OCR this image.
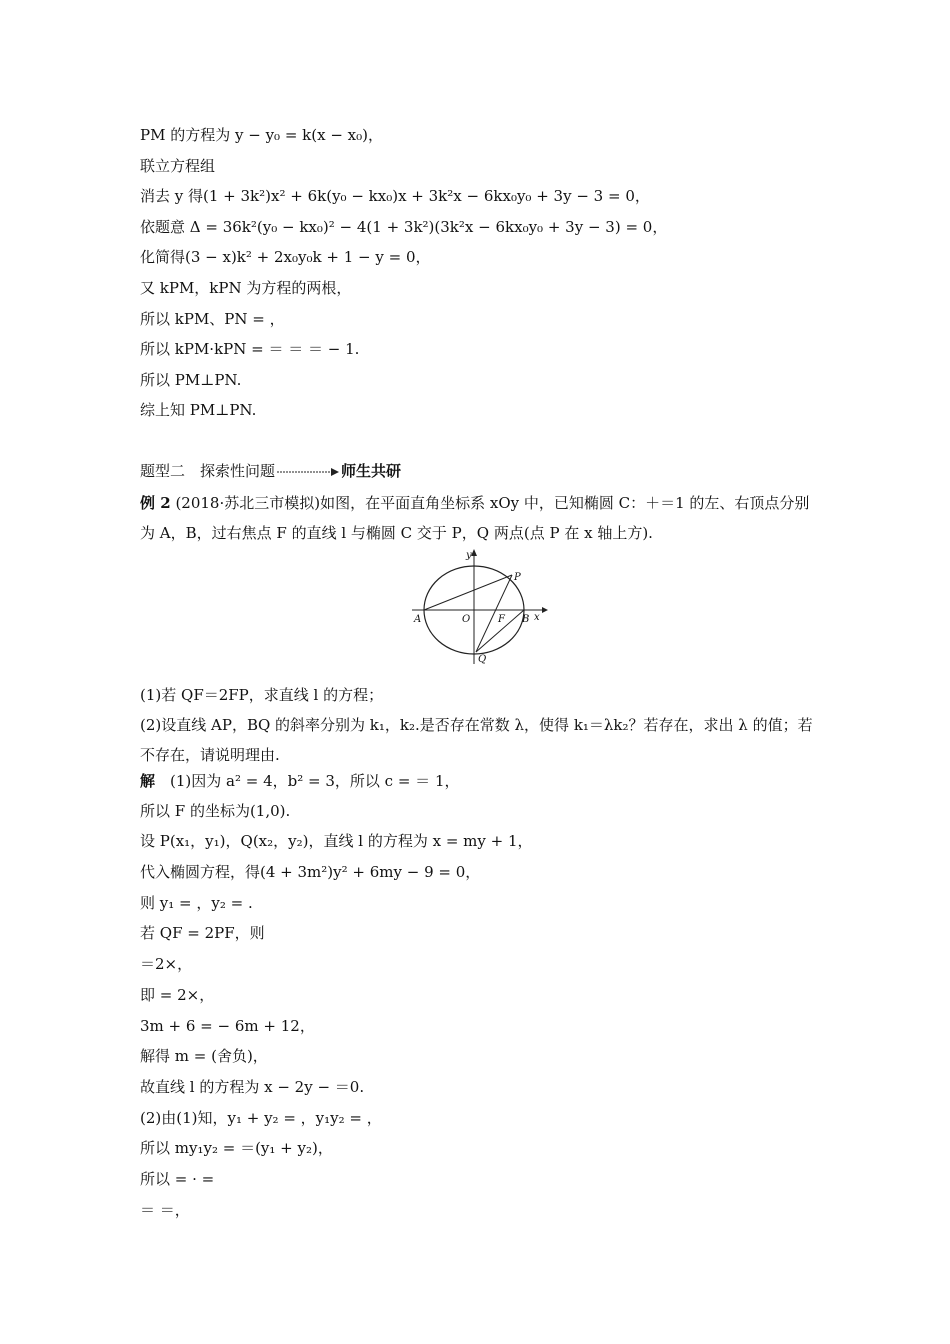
PM 的方程为 y − y₀ = k(x − x₀)，
联立方程组
消去 y 得(1 + 3k²)x² + 6k(y₀ − kx₀)x + 3k²x − 6kx₀y₀ + 3y − 3 = 0，
依题意 Δ = 36k²(y₀ − kx₀)² − 4(1 + 3k²)(3k²x − 6kx₀y₀ + 3y − 3) = 0，
化简得(3 − x)k² + 2x₀y₀k + 1 − y = 0，
又 kPM，kPN 为方程的两根，
所以 kPM、PN = ，
所以 kPM·kPN = ＝ ＝ ＝ − 1.
所以 PM⊥PN.
综上知 PM⊥PN.
题型二　探索性问题	师生共研
例 2 (2018·苏北三市模拟)如图，在平面直角坐标系 xOy 中，已知椭圆 C：＋＝1 的左、右顶点分别为 A，B，过右焦点 F 的直线 l 与椭圆 C 交于 P，Q 两点(点 P 在 x 轴上方).
y
x
A	O	F B
P
Q
(1)若 QF＝2FP，求直线 l 的方程；
(2)设直线 AP，BQ 的斜率分别为 k₁，k₂.是否存在常数 λ，使得 k₁＝λk₂？若存在，求出 λ 的值；若不存在，请说明理由.
解　(1)因为 a² = 4，b² = 3，所以 c = ＝ 1，
所以 F 的坐标为(1,0).
设 P(x₁，y₁)，Q(x₂，y₂)，直线 l 的方程为 x = my + 1，
代入椭圆方程，得(4 + 3m²)y² + 6my − 9 = 0，
则 y₁ = ，y₂ = .
若 QF = 2PF，则
＝2×，
即 = 2×，
3m + 6 = − 6m + 12，
解得 m = (舍负)，
故直线 l 的方程为 x − 2y − ＝0.
(2)由(1)知，y₁ + y₂ = ，y₁y₂ = ，
所以 my₁y₂ = ＝(y₁ + y₂)，
所以 = · =
＝ ＝，
